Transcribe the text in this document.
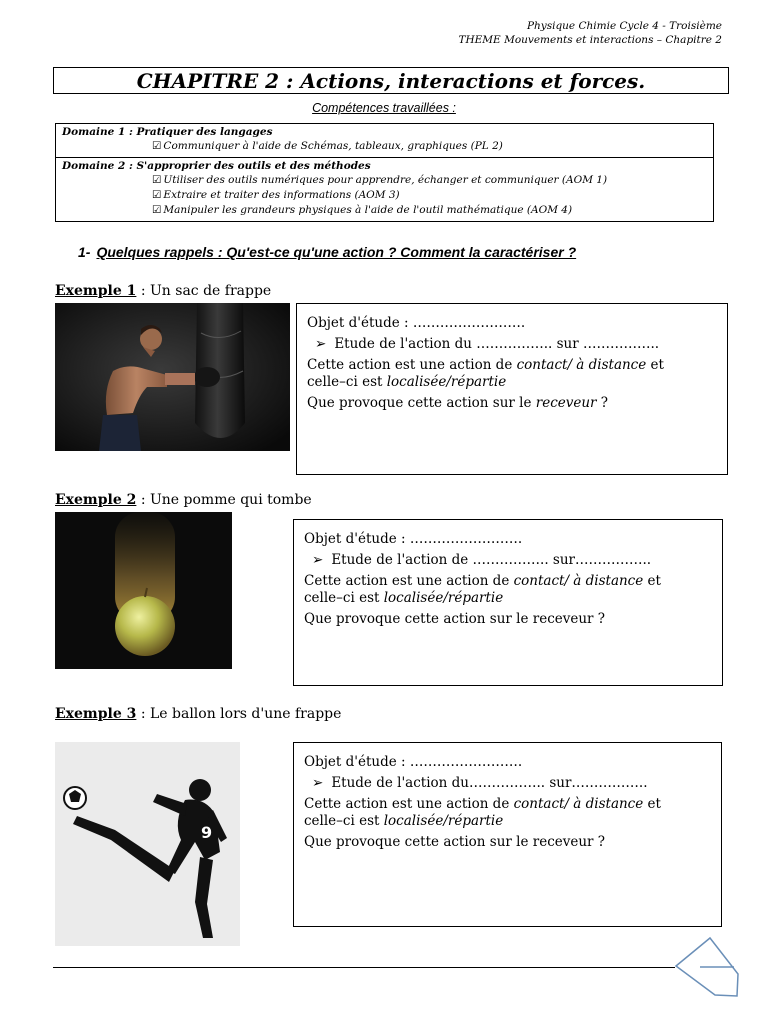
Physique Chimie Cycle 4 - Troisième
THEME Mouvements et interactions – Chapitre 2
CHAPITRE 2 : Actions, interactions et forces.
Compétences travaillées :
Domaine 1 : Pratiquer des langages
☑ Communiquer à l'aide de Schémas, tableaux, graphiques (PL 2)
Domaine 2 : S'approprier des outils et des méthodes
☑ Utiliser des outils numériques pour apprendre, échanger et communiquer (AOM 1)
☑ Extraire et traiter des informations (AOM 3)
☑ Manipuler les grandeurs physiques à l'aide de l'outil mathématique (AOM 4)
1- Quelques rappels : Qu'est-ce qu'une action ? Comment la caractériser ?
Exemple 1 : Un sac de frappe

Objet d'étude : …………………….

➢ Etude de l'action du …………….. sur ……………..

Cette action est une action de contact/ à distance et

celle–ci est localisée/répartie

Que provoque cette action sur le receveur ?

Exemple 2 : Une pomme qui tombe

Objet d'étude : …………………….

➢ Etude de l'action de …………….. sur……………..

Cette action est une action de contact/ à distance et

celle–ci est localisée/répartie

Que provoque cette action sur le receveur ?

Exemple 3 : Le ballon lors d'une frappe
9

Objet d'étude : …………………….

➢ Etude de l'action du…………….. sur……………..

Cette action est une action de contact/ à distance et

celle–ci est localisée/répartie

Que provoque cette action sur le receveur ?
